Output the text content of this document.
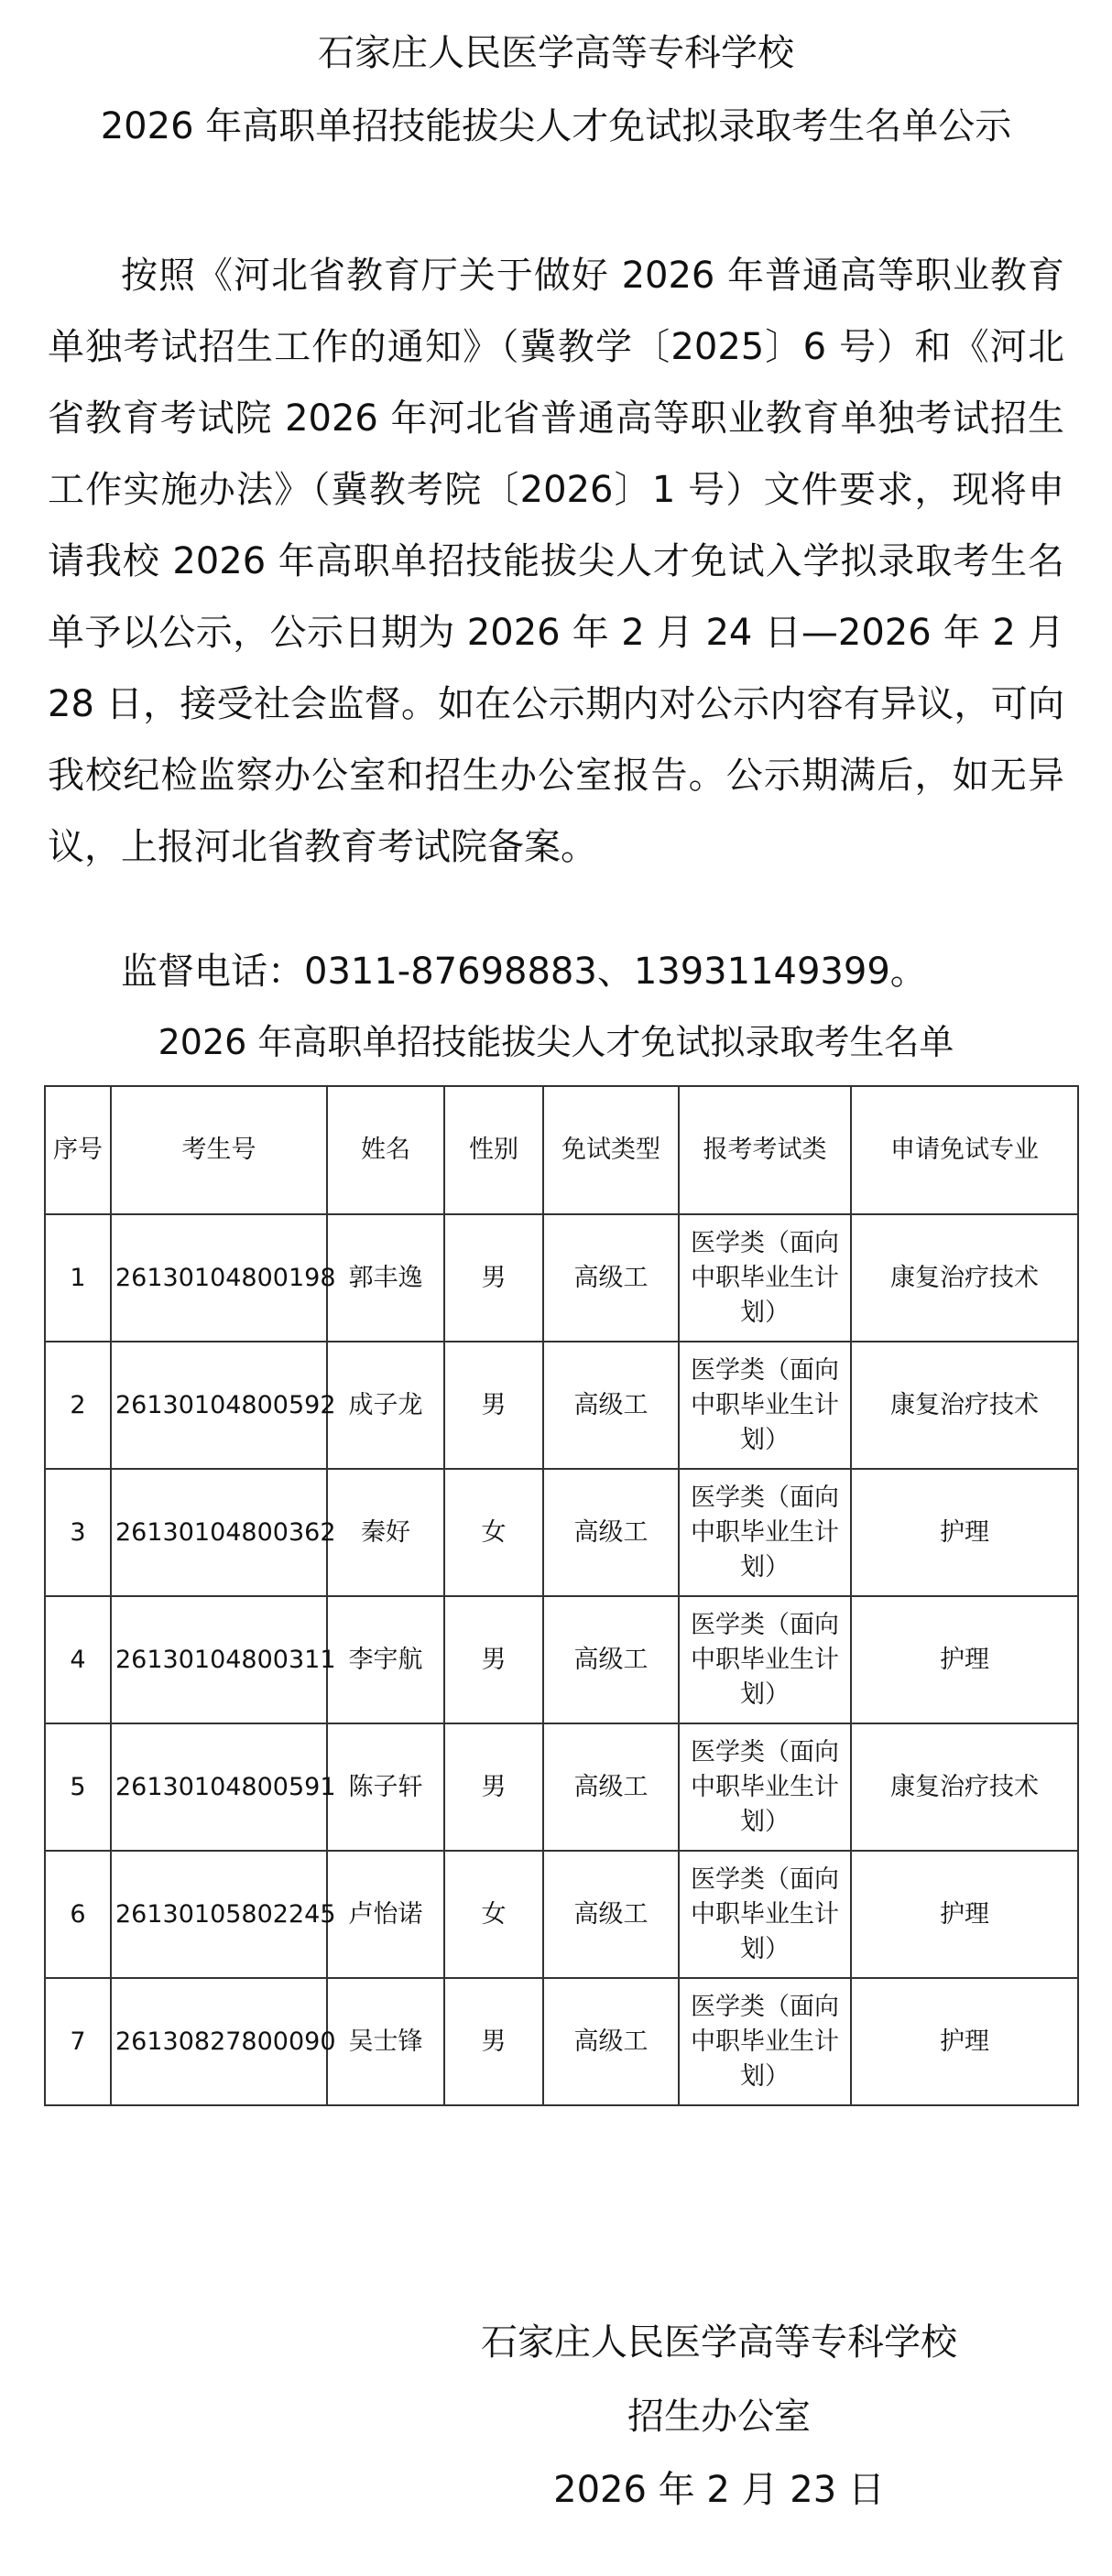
石家庄人民医学高等专科学校
2026 年高职单招技能拔尖人才免试拟录取考生名单公示
按照《河北省教育厅关于做好 2026 年普通高等职业教育单独考试招生工作的通知》（冀教学〔2025〕6 号）和《河北省教育考试院 2026 年河北省普通高等职业教育单独考试招生工作实施办法》（冀教考院〔2026〕1 号）文件要求，现将申请我校 2026 年高职单招技能拔尖人才免试入学拟录取考生名单予以公示，公示日期为 2026 年 2 月 24 日—2026 年 2 月 28 日，接受社会监督。如在公示期内对公示内容有异议，可向我校纪检监察办公室和招生办公室报告。公示期满后，如无异议，上报河北省教育考试院备案。
监督电话：0311-87698883、13931149399。
2026 年高职单招技能拔尖人才免试拟录取考生名单
序号	考生号	姓名	性别	免试类型	报考考试类	申请免试专业
1	26130104800198	郭丰逸	男	高级工	医学类（面向中职毕业生计划）	康复治疗技术
2	26130104800592	成子龙	男	高级工	医学类（面向中职毕业生计划）	康复治疗技术
3	26130104800362	秦好	女	高级工	医学类（面向中职毕业生计划）	护理
4	26130104800311	李宇航	男	高级工	医学类（面向中职毕业生计划）	护理
5	26130104800591	陈子轩	男	高级工	医学类（面向中职毕业生计划）	康复治疗技术
6	26130105802245	卢怡诺	女	高级工	医学类（面向中职毕业生计划）	护理
7	26130827800090	吴士锋	男	高级工	医学类（面向中职毕业生计划）	护理
石家庄人民医学高等专科学校
招生办公室
2026 年 2 月 23 日
